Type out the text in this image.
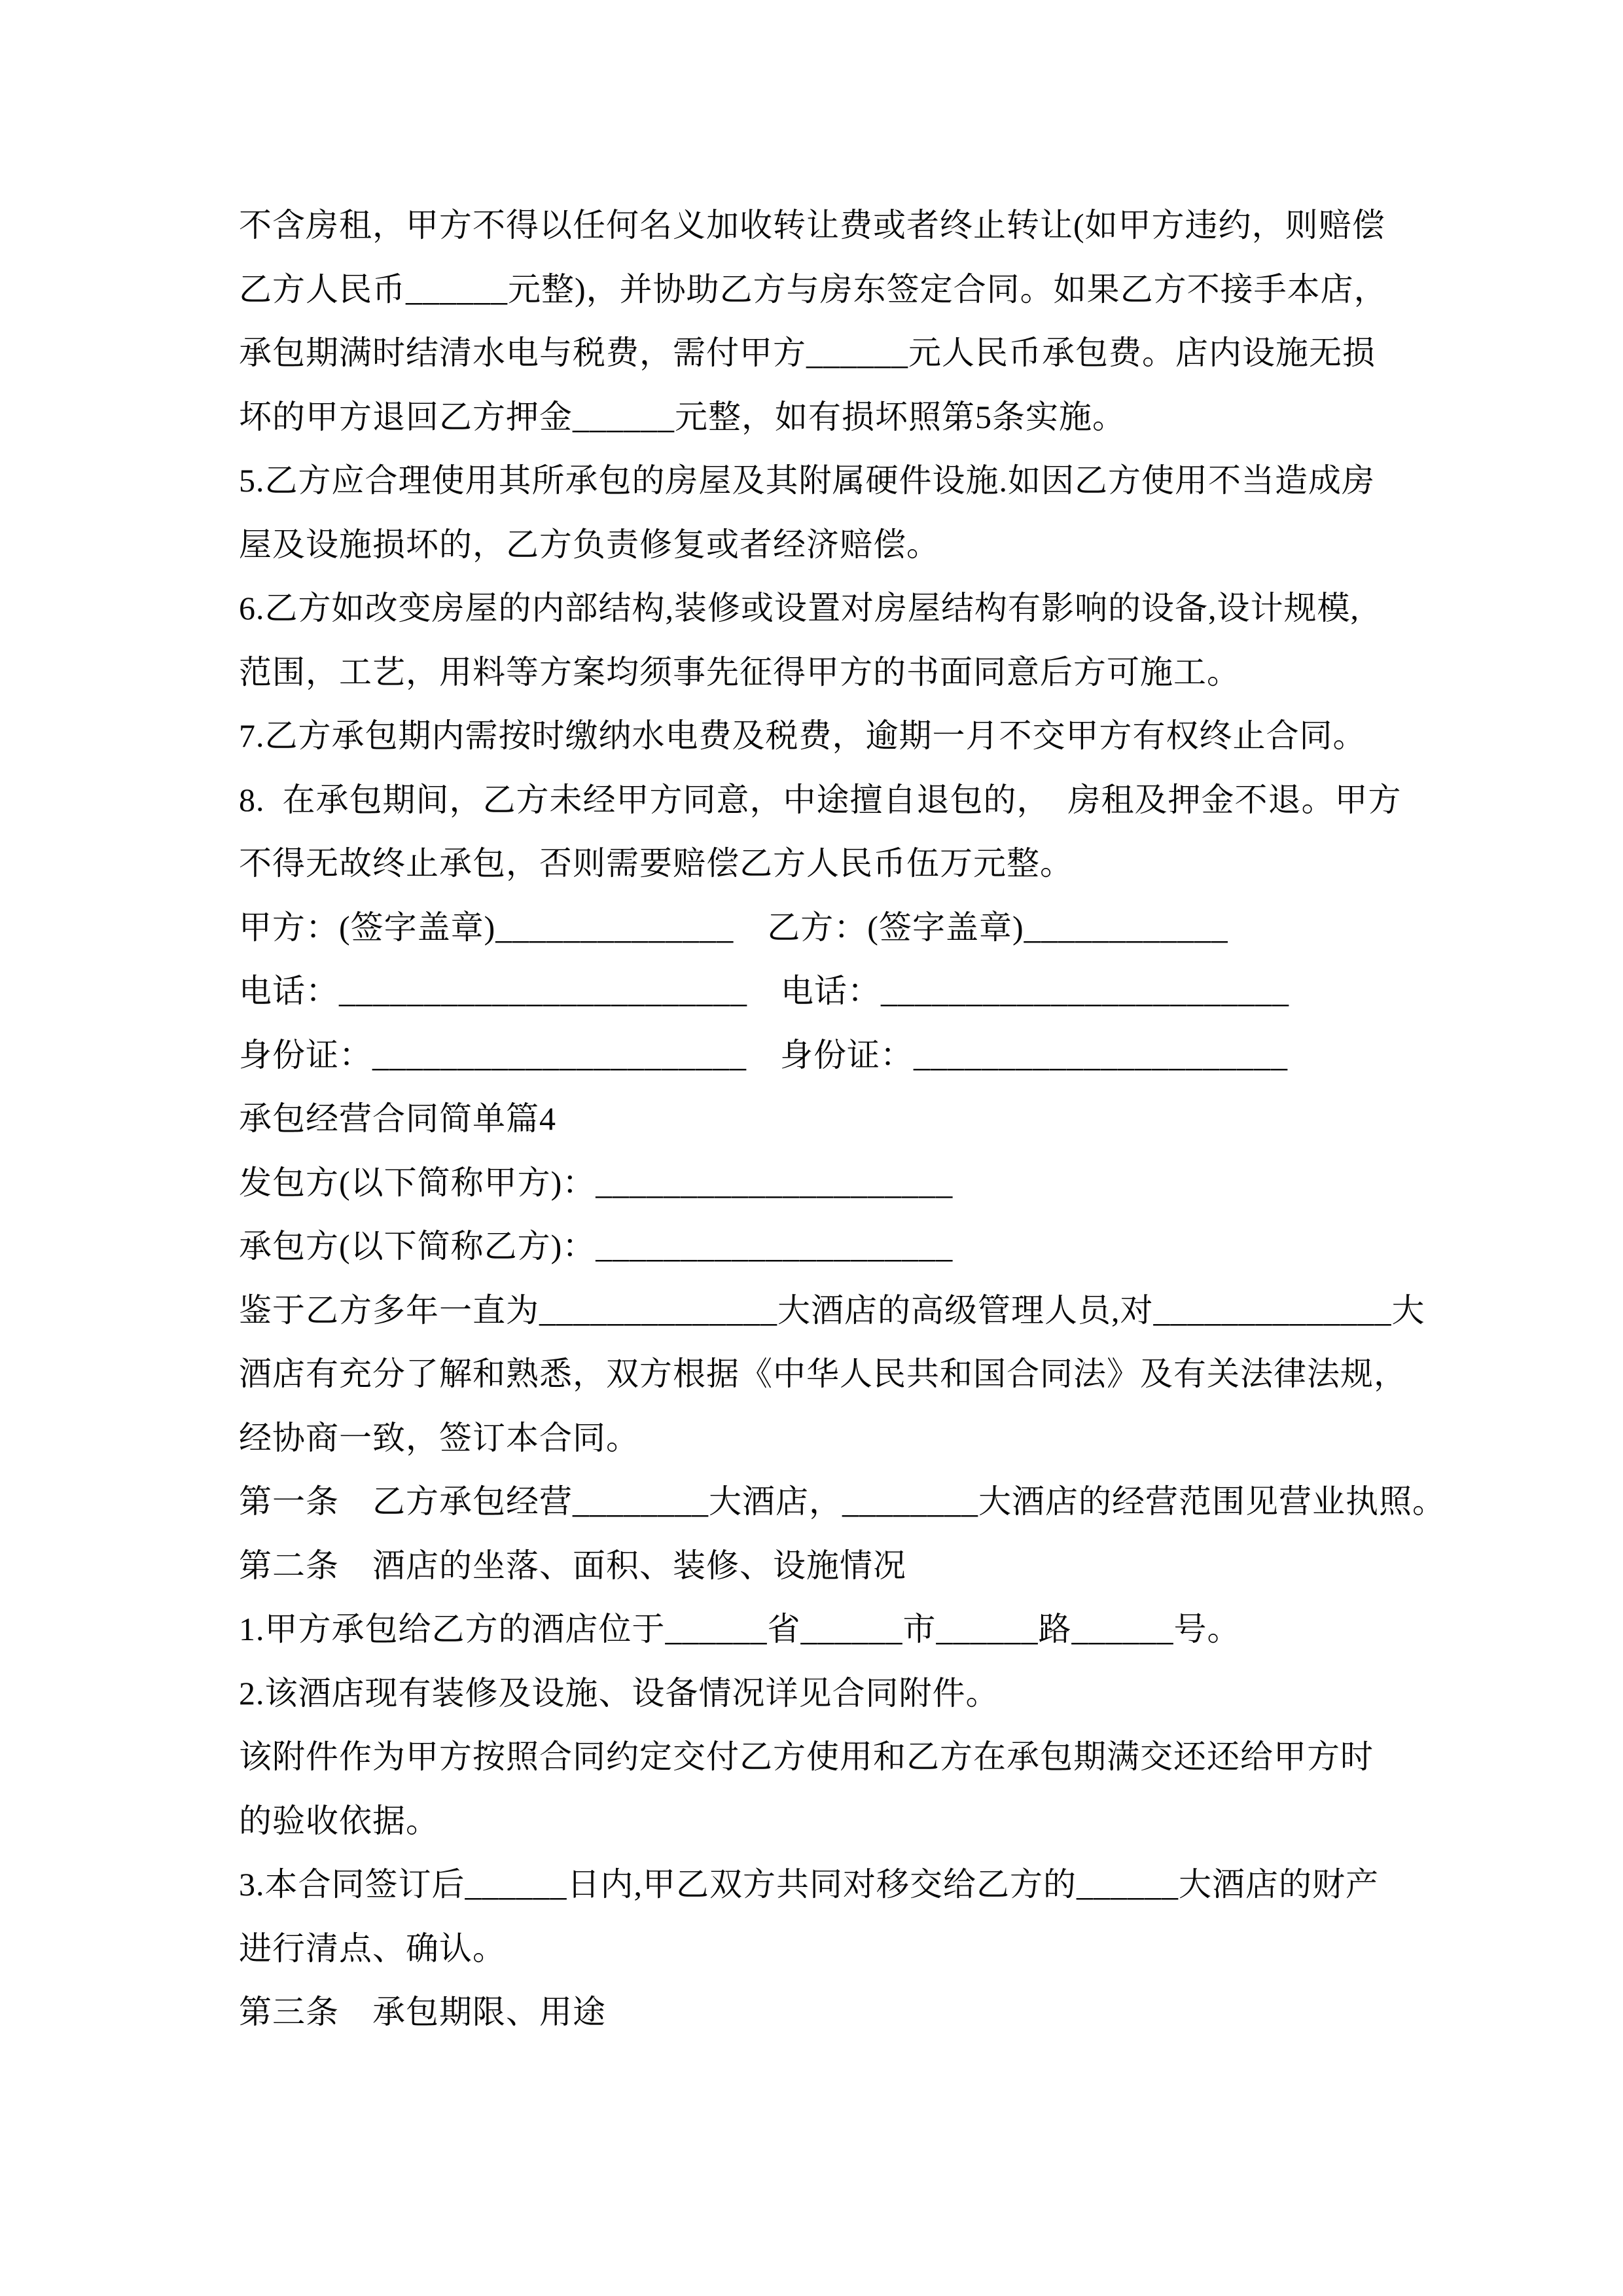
不含房租，甲方不得以任何名义加收转让费或者终止转让(如甲方违约，则赔偿
乙方人民币______元整)，并协助乙方与房东签定合同。如果乙方不接手本店，
承包期满时结清水电与税费，需付甲方______元人民币承包费。店内设施无损
坏的甲方退回乙方押金______元整，如有损坏照第5条实施。
5.乙方应合理使用其所承包的房屋及其附属硬件设施.如因乙方使用不当造成房
屋及设施损坏的，乙方负责修复或者经济赔偿。
6.乙方如改变房屋的内部结构,装修或设置对房屋结构有影响的设备,设计规模,
范围，工艺，用料等方案均须事先征得甲方的书面同意后方可施工。
7.乙方承包期内需按时缴纳水电费及税费，逾期一月不交甲方有权终止合同。
8.  在承包期间，乙方未经甲方同意，中途擅自退包的，  房租及押金不退。甲方
不得无故终止承包，否则需要赔偿乙方人民币伍万元整。
甲方：(签字盖章)______________　乙方：(签字盖章)____________
电话：________________________　电话：________________________
身份证：______________________　身份证：______________________
承包经营合同简单篇4
发包方(以下简称甲方)：_____________________
承包方(以下简称乙方)：_____________________
鉴于乙方多年一直为______________大酒店的高级管理人员,对______________大
酒店有充分了解和熟悉，双方根据《中华人民共和国合同法》及有关法律法规，
经协商一致，签订本合同。
第一条　乙方承包经营________大酒店，________大酒店的经营范围见营业执照。
第二条　酒店的坐落、面积、装修、设施情况
1.甲方承包给乙方的酒店位于______省______市______路______号。
2.该酒店现有装修及设施、设备情况详见合同附件。
该附件作为甲方按照合同约定交付乙方使用和乙方在承包期满交还还给甲方时
的验收依据。
3.本合同签订后______日内,甲乙双方共同对移交给乙方的______大酒店的财产
进行清点、确认。
第三条　承包期限、用途
